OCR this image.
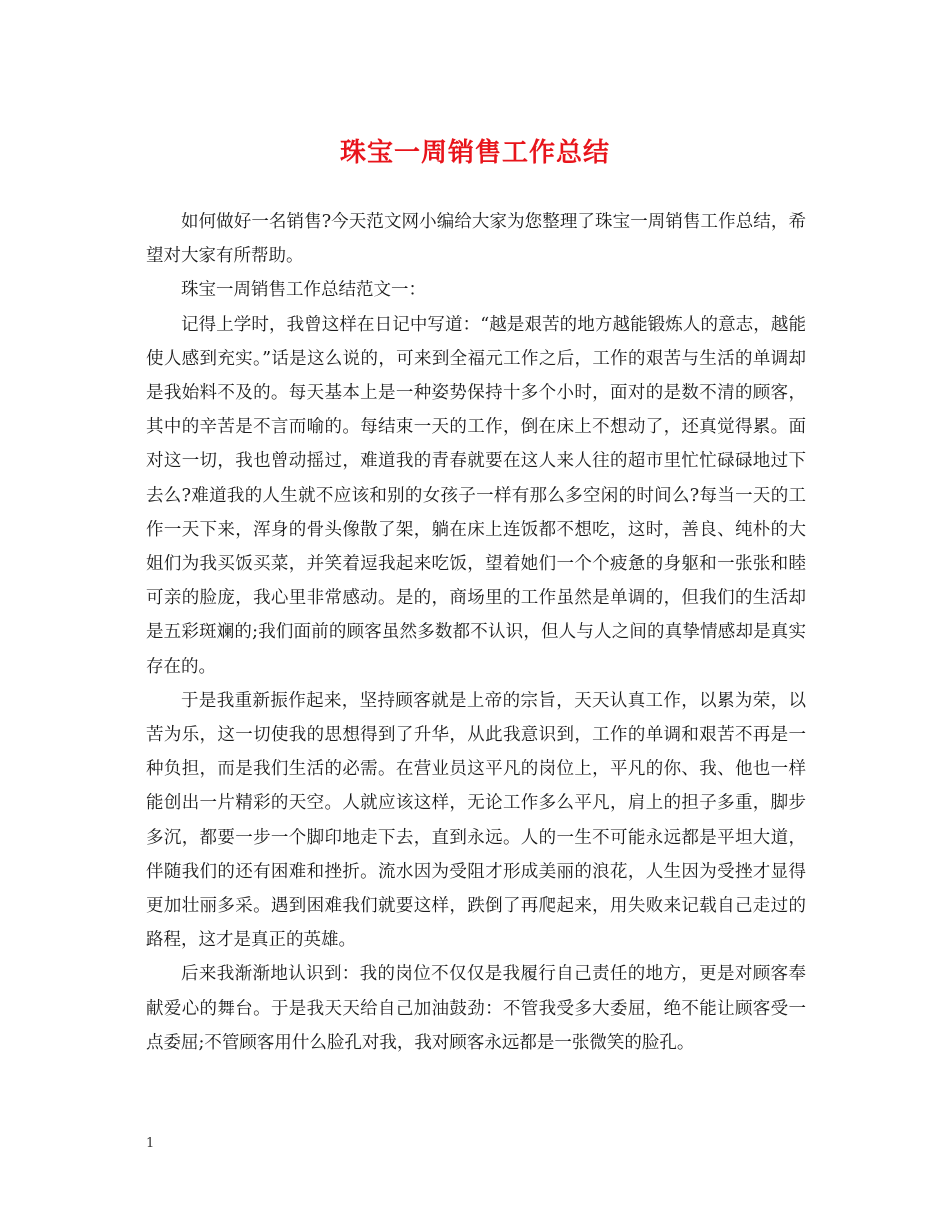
珠宝一周销售工作总结

如何做好一名销售?今天范文网小编给大家为您整理了珠宝一周销售工作总结，希望对大家有所帮助。

珠宝一周销售工作总结范文一：

记得上学时，我曾这样在日记中写道：“越是艰苦的地方越能锻炼人的意志，越能使人感到充实。”话是这么说的，可来到全福元工作之后，工作的艰苦与生活的单调却是我始料不及的。每天基本上是一种姿势保持十多个小时，面对的是数不清的顾客，其中的辛苦是不言而喻的。每结束一天的工作，倒在床上不想动了，还真觉得累。面对这一切，我也曾动摇过，难道我的青春就要在这人来人往的超市里忙忙碌碌地过下去么?难道我的人生就不应该和别的女孩子一样有那么多空闲的时间么?每当一天的工作一天下来，浑身的骨头像散了架，躺在床上连饭都不想吃，这时，善良、纯朴的大姐们为我买饭买菜，并笑着逗我起来吃饭，望着她们一个个疲惫的身躯和一张张和睦可亲的脸庞，我心里非常感动。是的，商场里的工作虽然是单调的，但我们的生活却是五彩斑斓的;我们面前的顾客虽然多数都不认识，但人与人之间的真挚情感却是真实存在的。

于是我重新振作起来，坚持顾客就是上帝的宗旨，天天认真工作，以累为荣，以苦为乐，这一切使我的思想得到了升华，从此我意识到，工作的单调和艰苦不再是一种负担，而是我们生活的必需。在营业员这平凡的岗位上，平凡的你、我、他也一样能创出一片精彩的天空。人就应该这样，无论工作多么平凡，肩上的担子多重，脚步多沉，都要一步一个脚印地走下去，直到永远。人的一生不可能永远都是平坦大道，伴随我们的还有困难和挫折。流水因为受阻才形成美丽的浪花，人生因为受挫才显得更加壮丽多采。遇到困难我们就要这样，跌倒了再爬起来，用失败来记载自己走过的路程，这才是真正的英雄。

后来我渐渐地认识到：我的岗位不仅仅是我履行自己责任的地方，更是对顾客奉献爱心的舞台。于是我天天给自己加油鼓劲：不管我受多大委屈，绝不能让顾客受一点委屈;不管顾客用什么脸孔对我，我对顾客永远都是一张微笑的脸孔。

1
